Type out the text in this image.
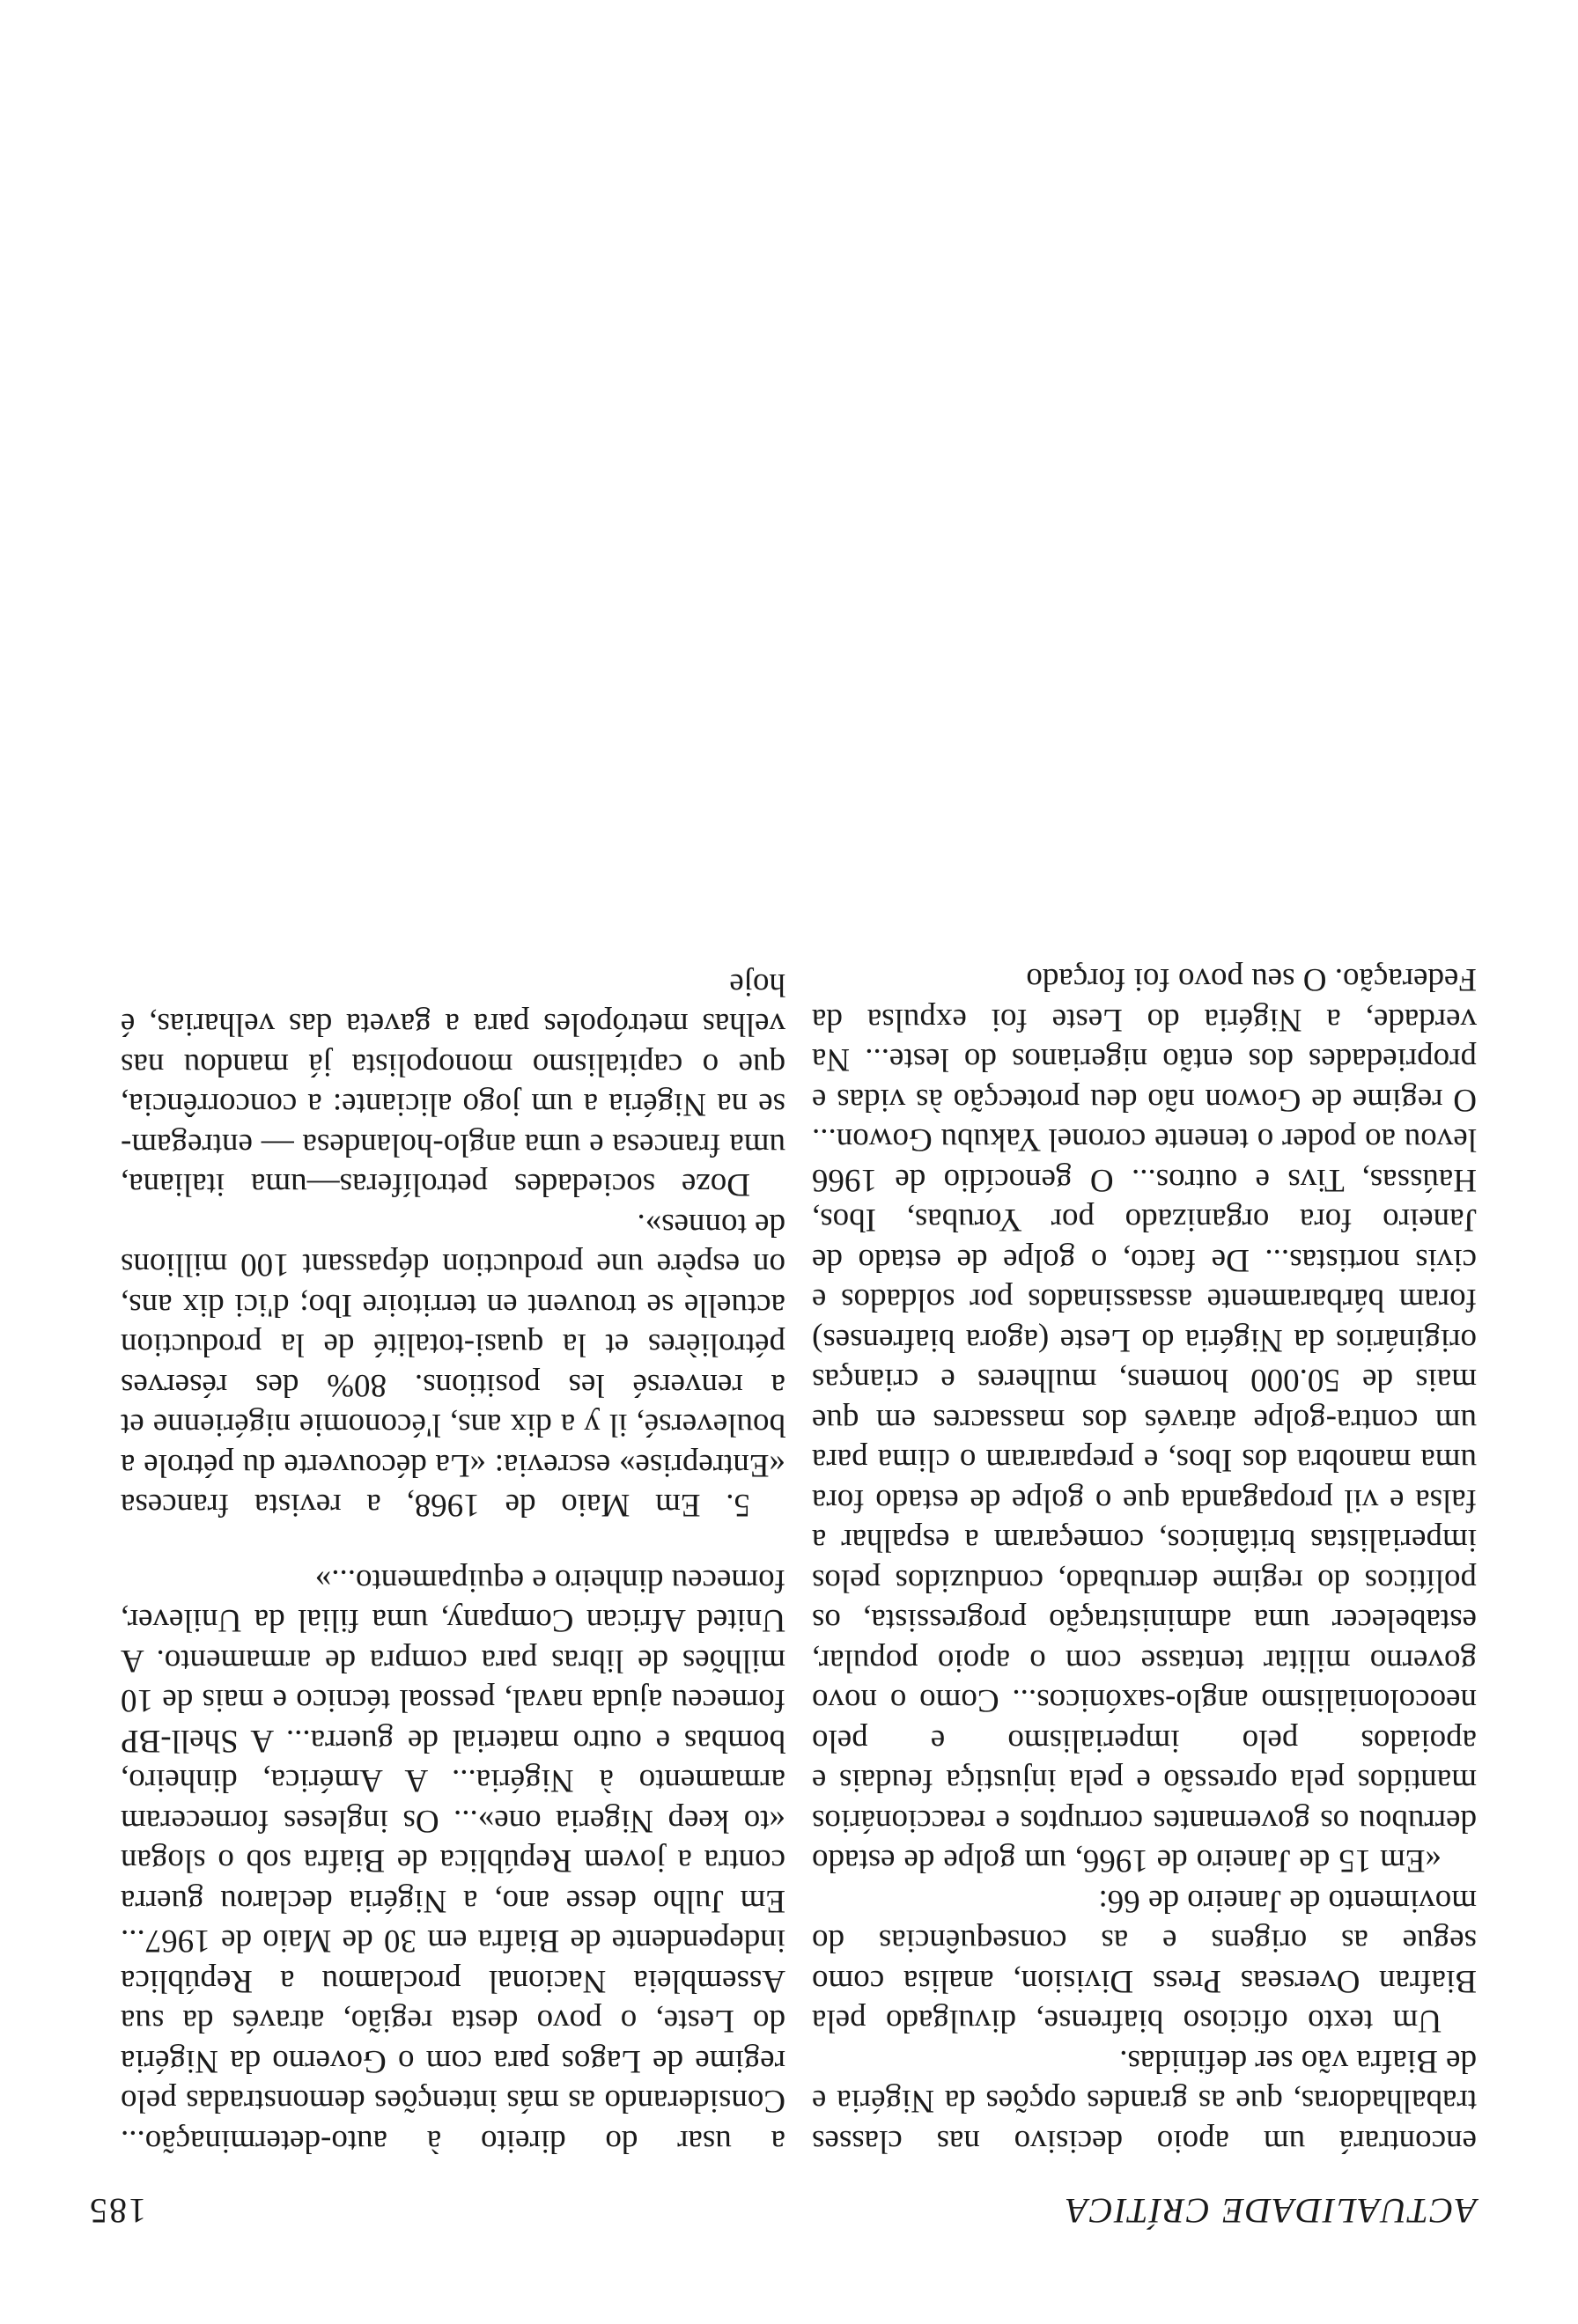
ACTUALIDADE CRÍTICA
185

encontrará um apoio decisivo nas classes trabalhadoras, que as grandes opções da Nigéria e de Biafra vão ser definidas.

Um texto oficioso biafrense, divulgado pela Biafran Overseas Press Division, analisa como segue as origens e as consequências do movimento de Janeiro de 66:

«Em 15 de Janeiro de 1966, um golpe de estado derrubou os governantes corruptos e reaccionários mantidos pela opressão e pela injustiça feudais e apoiados pelo imperialismo e pelo neocolonialismo anglo-saxónicos... Como o novo governo militar tentasse com o apoio popular, estabelecer uma administração progressista, os políticos do regime derrubado, conduzidos pelos imperialistas britânicos, começaram a espalhar a falsa e vil propaganda que o golpe de estado fora uma manobra dos Ibos, e prepararam o clima para um contra-golpe através dos massacres em que mais de 50.000 homens, mulheres e crianças originários da Nigéria do Leste (agora biafrenses) foram bárbaramente assassinados por soldados e civis nortistas... De facto, o golpe de estado de Janeiro fora organizado por Yorubas, Ibos, Haússas, Tivs e outros... O genocídio de 1966 levou ao poder o tenente coronel Yakubu Gowon... O regime de Gowon não deu protecção às vidas e propriedades dos então nigerianos do leste... Na verdade, a Nigéria do Leste foi expulsa da Federação. O seu povo foi forçado

a usar do direito à auto-determinação... Considerando as más intenções demonstradas pelo regime de Lagos para com o Governo da Nigéria do Leste, o povo desta região, através da sua Assembleia Nacional proclamou a República independente de Biafra em 30 de Maio de 1967... Em Julho desse ano, a Nigéria declarou guerra contra a jovem República de Biafra sob o slogan «to keep Nigeria one»... Os ingleses forneceram armamento à Nigéria... A América, dinheiro, bombas e outro material de guerra... A Shell-BP forneceu ajuda naval, pessoal técnico e mais de 10 milhões de libras para compra de armamento. A United African Company, uma filial da Unilever, forneceu dinheiro e equipamento...»

5. Em Maio de 1968, a revista francesa «Entreprise» escrevia: «La découverte du pétrole a bouleversé, il y a dix ans, l'économie nigérienne et a renversé les positions. 80% des réserves pétrolières et la quasi-totalité de la production actuelle se trouvent en territoire Ibo; d'ici dix ans, on espère une production dépassant 100 millions de tonnes».

Doze sociedades petrolíferas—uma italiana, uma francesa e uma anglo-holandesa — entregam-se na Nigéria a um jogo aliciante: a concorrência, que o capitalismo monopolista já mandou nas velhas metrópoles para a gaveta das velharias, é hoje
